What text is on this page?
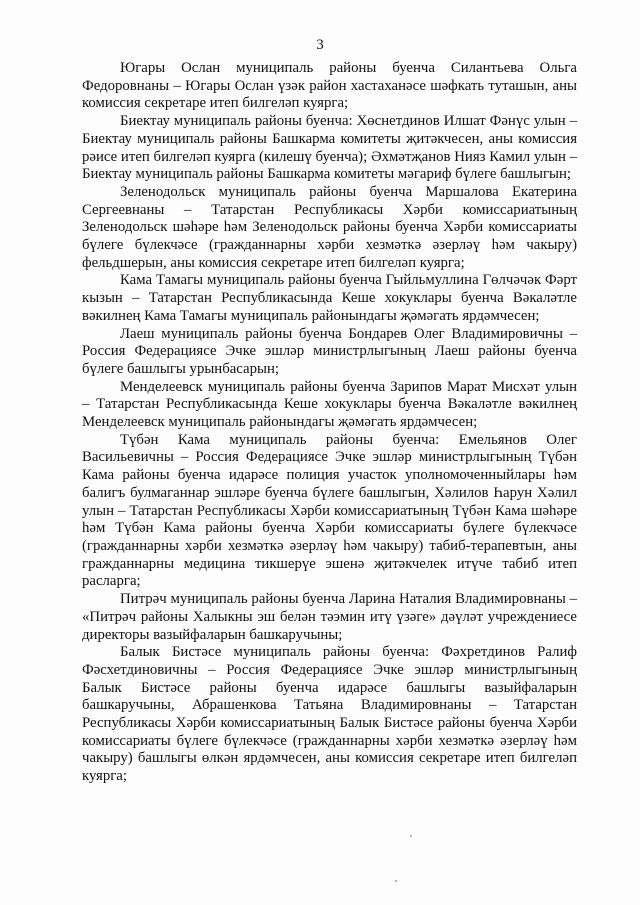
3

Югары Ослан муниципаль районы буенча Силантьева Ольга Федоровнаны – Югары Ослан үзәк район хастаханәсе шәфкать туташын, аны комиссия секретаре итеп билгеләп куярга;

Биектау муниципаль районы буенча: Хөснетдинов Илшат Фәнүс улын – Биектау муниципаль районы Башкарма комитеты җитәкчесен, аны комиссия рәисе итеп билгеләп куярга (килешү буенча); Әхмәтҗанов Нияз Камил улын – Биектау муниципаль районы Башкарма комитеты мәгариф бүлеге башлыгын;

Зеленодольск муниципаль районы буенча Маршалова Екатерина Сергеевнаны – Татарстан Республикасы Хәрби комиссариатының Зеленодольск шәһәре һәм Зеленодольск районы буенча Хәрби комиссариаты бүлеге бүлекчәсе (гражданнарны хәрби хезмәткә әзерләү һәм чакыру) фельдшерын, аны комиссия секретаре итеп билгеләп куярга;

Кама Тамагы муниципаль районы буенча Гыйльмуллина Гөлчәчәк Фәрт кызын – Татарстан Республикасында Кеше хокуклары буенча Вәкаләтле вәкилнең Кама Тамагы муниципаль районындагы җәмәгать ярдәмчесен;

Лаеш муниципаль районы буенча Бондарев Олег Владимировичны – Россия Федерациясе Эчке эшләр министрлыгының Лаеш районы буенча бүлеге башлыгы урынбасарын;

Менделеевск муниципаль районы буенча Зарипов Марат Мисхәт улын – Татарстан Республикасында Кеше хокуклары буенча Вәкаләтле вәкилнең Менделеевск муниципаль районындагы җәмәгать ярдәмчесен;

Түбән Кама муниципаль районы буенча: Емельянов Олег Васильевичны – Россия Федерациясе Эчке эшләр министрлыгының Түбән Кама районы буенча идарәсе полиция участок уполномоченныйлары һәм балигъ булмаганнар эшләре буенча бүлеге башлыгын, Хәлилов Һарун Хәлил улын – Татарстан Республикасы Хәрби комиссариатының Түбән Кама шәһәре һәм Түбән Кама районы буенча Хәрби комиссариаты бүлеге бүлекчәсе (гражданнарны хәрби хезмәткә әзерләү һәм чакыру) табиб-терапевтын, аны гражданнарны медицина тикшерүе эшенә җитәкчелек итүче табиб итеп расларга;

Питрәч муниципаль районы буенча Ларина Наталия Владимировнаны – «Питрәч районы Халыкны эш белән тәэмин итү үзәге» дәүләт учреждениесе директоры вазыйфаларын башкаручыны;

Балык Бистәсе муниципаль районы буенча: Фәхретдинов Ралиф Фәсхетдиновичны – Россия Федерациясе Эчке эшләр министрлыгының Балык Бистәсе районы буенча идарәсе башлыгы вазыйфаларын башкаручыны, Абрашенкова Татьяна Владимировнаны – Татарстан Республикасы Хәрби комиссариатының Балык Бистәсе районы буенча Хәрби комиссариаты бүлеге бүлекчәсе (гражданнарны хәрби хезмәткә әзерләү һәм чакыру) башлыгы өлкән ярдәмчесен, аны комиссия секретаре итеп билгеләп куярга;
